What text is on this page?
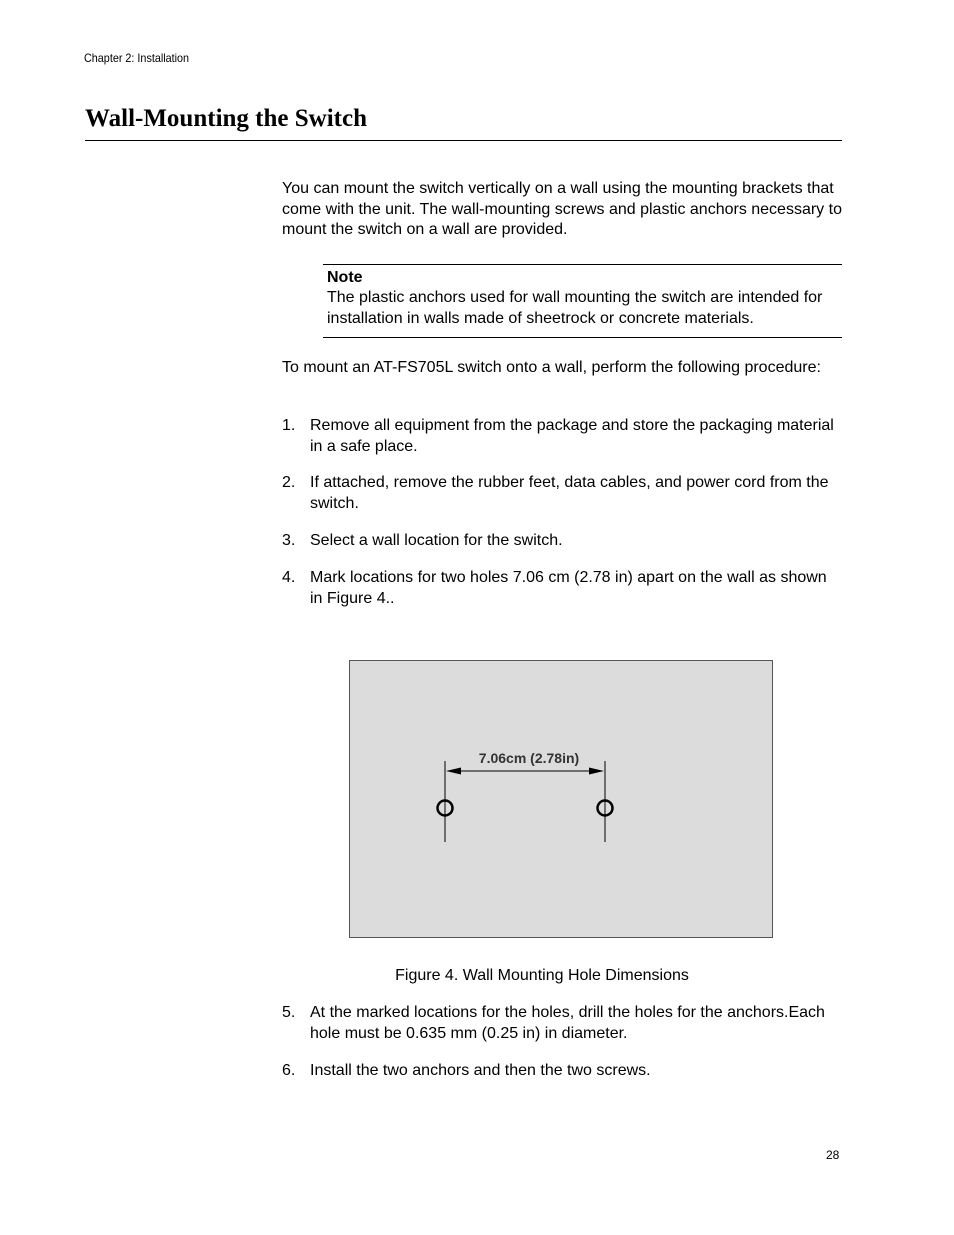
Chapter 2: Installation
Wall-Mounting the Switch

You can mount the switch vertically on a wall using the mounting brackets that come with the unit. The wall-mounting screws and plastic anchors necessary to mount the switch on a wall are provided.

Note
The plastic anchors used for wall mounting the switch are intended for installation in walls made of sheetrock or concrete materials.

To mount an AT-FS705L switch onto a wall, perform the following procedure:

1. Remove all equipment from the package and store the packaging material in a safe place.
2. If attached, remove the rubber feet, data cables, and power cord from the switch.
3. Select a wall location for the switch.
4. Mark locations for two holes 7.06 cm (2.78 in) apart on the wall as shown in Figure 4..
7.06cm (2.78in)
Figure 4. Wall Mounting Hole Dimensions
5. At the marked locations for the holes, drill the holes for the anchors.Each hole must be 0.635 mm (0.25 in) in diameter.
6. Install the two anchors and then the two screws.
28
